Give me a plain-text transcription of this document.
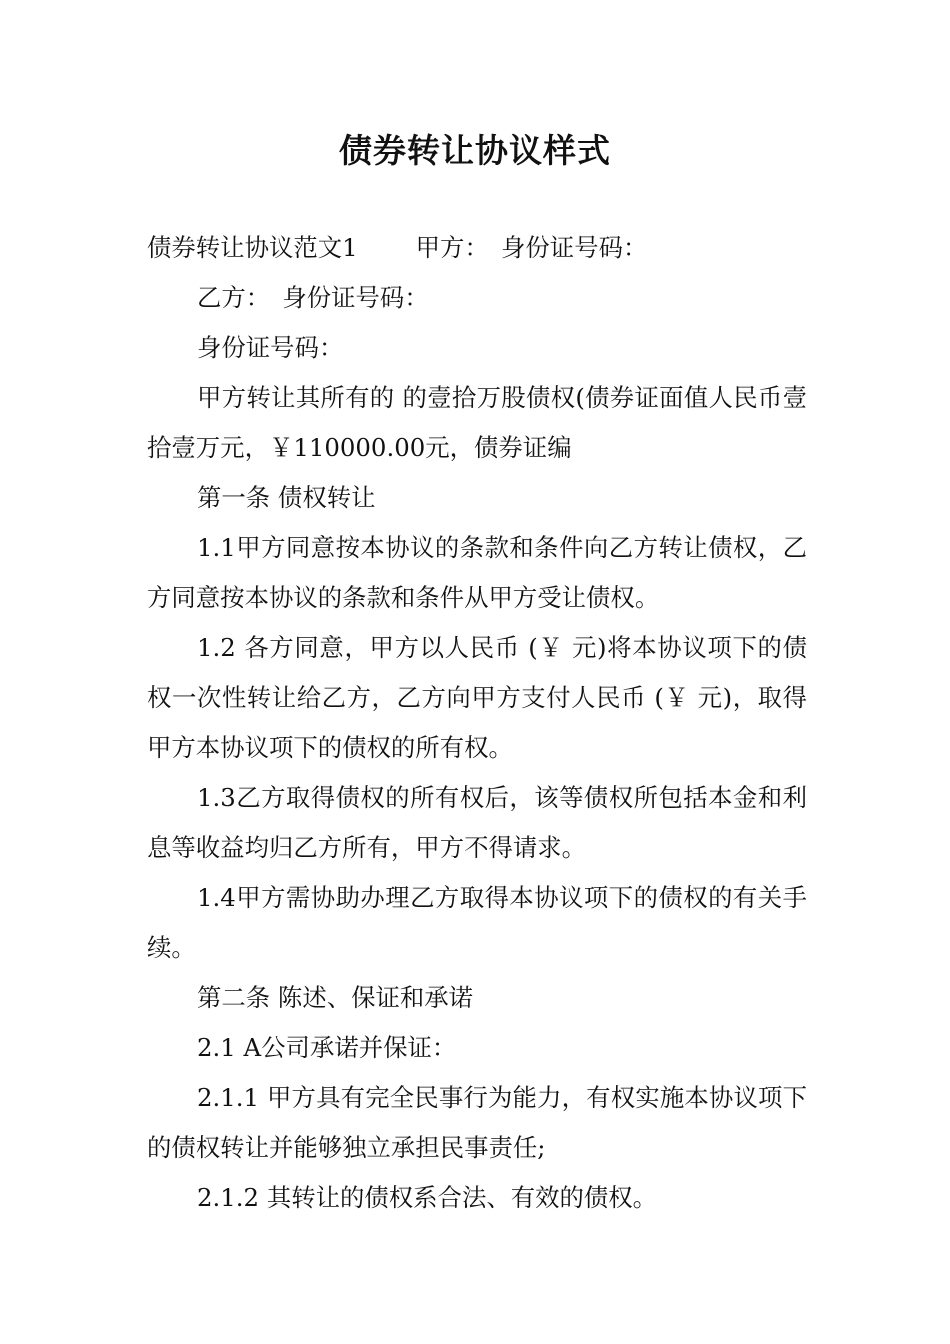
债券转让协议样式

债券转让协议范文1 甲方：　身份证号码：

乙方：　身份证号码：

身份证号码：

甲方转让其所有的 的壹拾万股债权(债券证面值人民币壹拾壹万元，￥110000.00元，债券证编

第一条 债权转让

1.1甲方同意按本协议的条款和条件向乙方转让债权，乙方同意按本协议的条款和条件从甲方受让债权。

1.2 各方同意，甲方以人民币 (￥ 元)将本协议项下的债权一次性转让给乙方，乙方向甲方支付人民币 (￥ 元)，取得甲方本协议项下的债权的所有权。

1.3乙方取得债权的所有权后，该等债权所包括本金和利息等收益均归乙方所有，甲方不得请求。

1.4甲方需协助办理乙方取得本协议项下的债权的有关手续。

第二条 陈述、保证和承诺

2.1 A公司承诺并保证：

2.1.1 甲方具有完全民事行为能力，有权实施本协议项下的债权转让并能够独立承担民事责任;

2.1.2 其转让的债权系合法、有效的债权。
